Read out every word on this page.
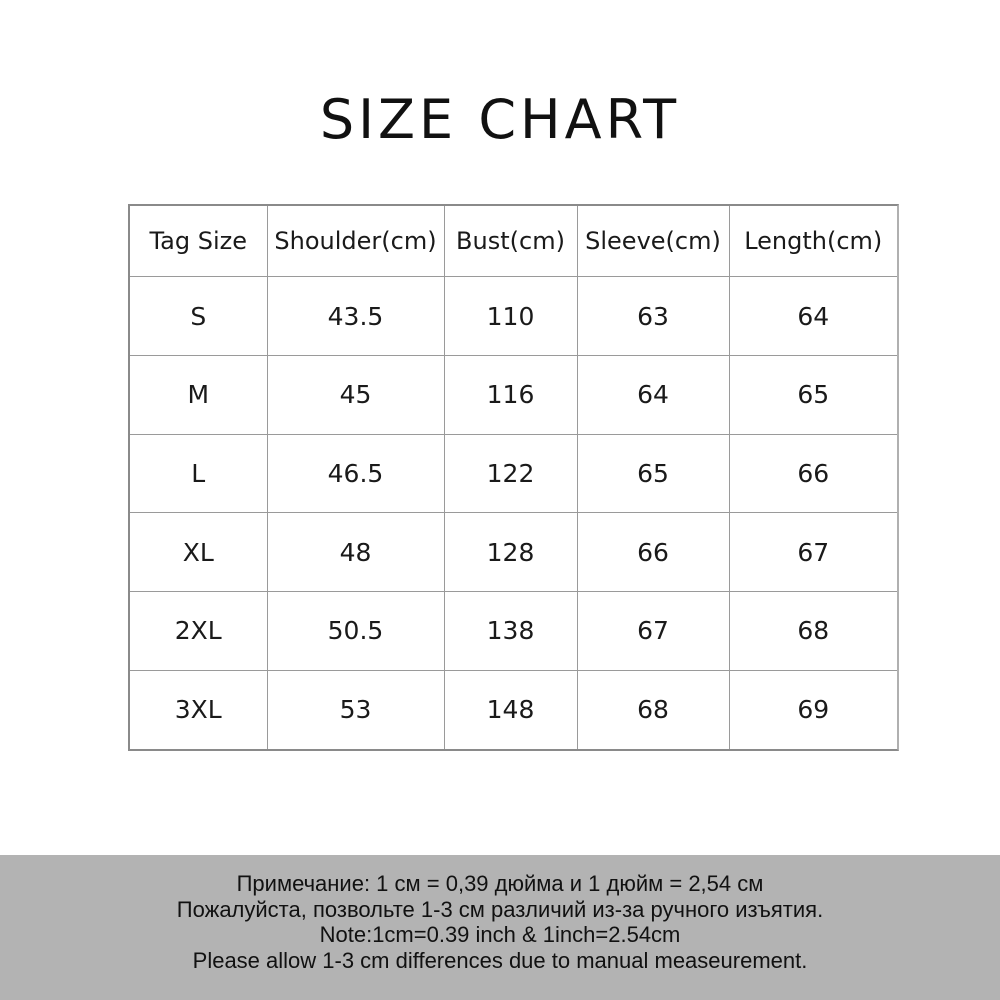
SIZE CHART
Tag Size	Shoulder(cm)	Bust(cm)	Sleeve(cm)	Length(cm)
S	43.5	110	63	64
M	45	116	64	65
L	46.5	122	65	66
XL	48	128	66	67
2XL	50.5	138	67	68
3XL	53	148	68	69
Примечание: 1 см = 0,39 дюйма и 1 дюйм = 2,54 см
Пожалуйста, позвольте 1-3 см различий из-за ручного изъятия.
Note:1cm=0.39 inch & 1inch=2.54cm
Please allow 1-3 cm differences due to manual measeurement.
